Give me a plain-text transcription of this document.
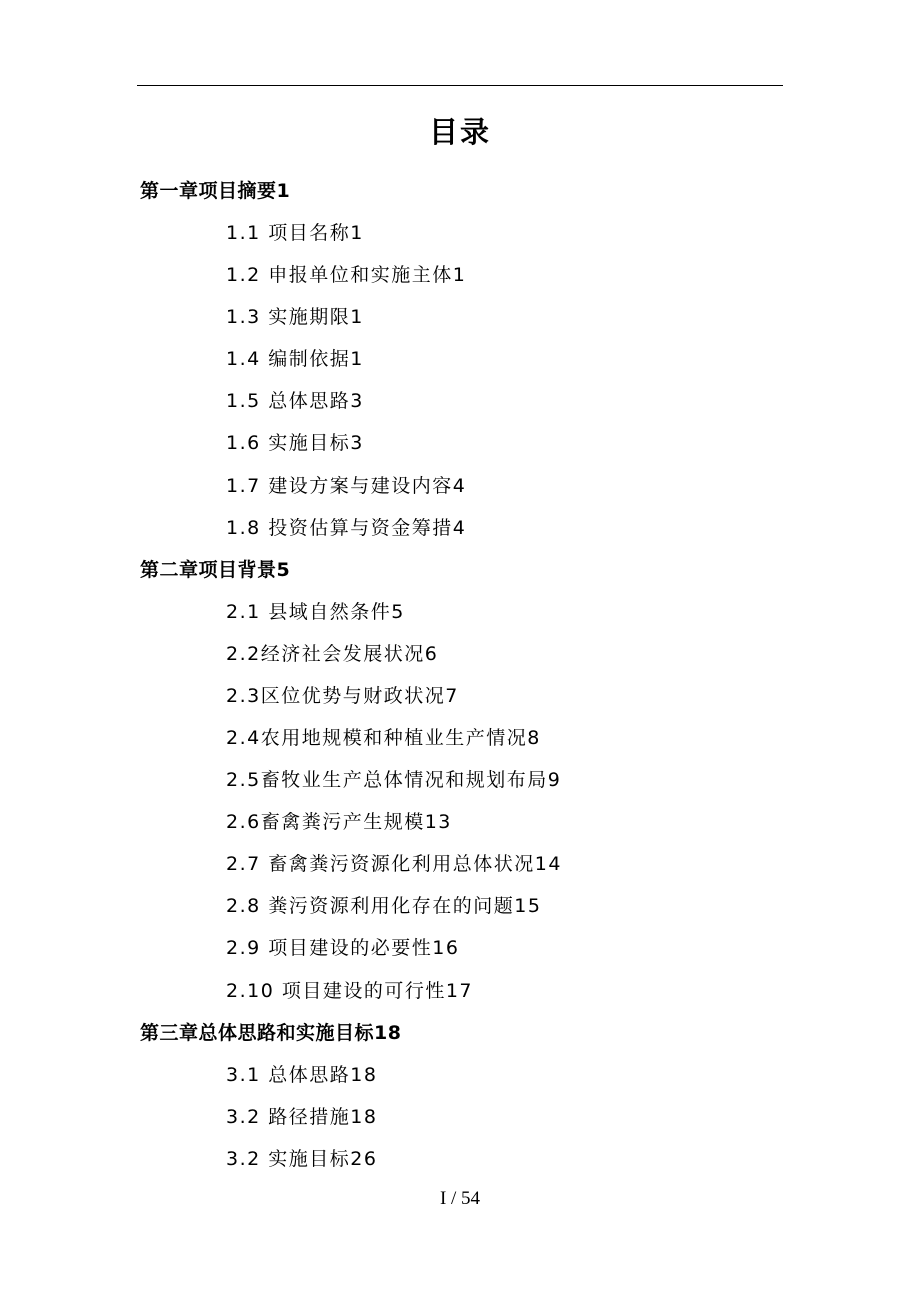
目录
第一章项目摘要1
1.1 项目名称1
1.2 申报单位和实施主体1
1.3 实施期限1
1.4 编制依据1
1.5 总体思路3
1.6 实施目标3
1.7 建设方案与建设内容4
1.8 投资估算与资金筹措4
第二章项目背景5
2.1 县域自然条件5
2.2经济社会发展状况6
2.3区位优势与财政状况7
2.4农用地规模和种植业生产情况8
2.5畜牧业生产总体情况和规划布局9
2.6畜禽粪污产生规模13
2.7 畜禽粪污资源化利用总体状况14
2.8 粪污资源利用化存在的问题15
2.9 项目建设的必要性16
2.10 项目建设的可行性17
第三章总体思路和实施目标18
3.1 总体思路18
3.2 路径措施18
3.2 实施目标26
I / 54
